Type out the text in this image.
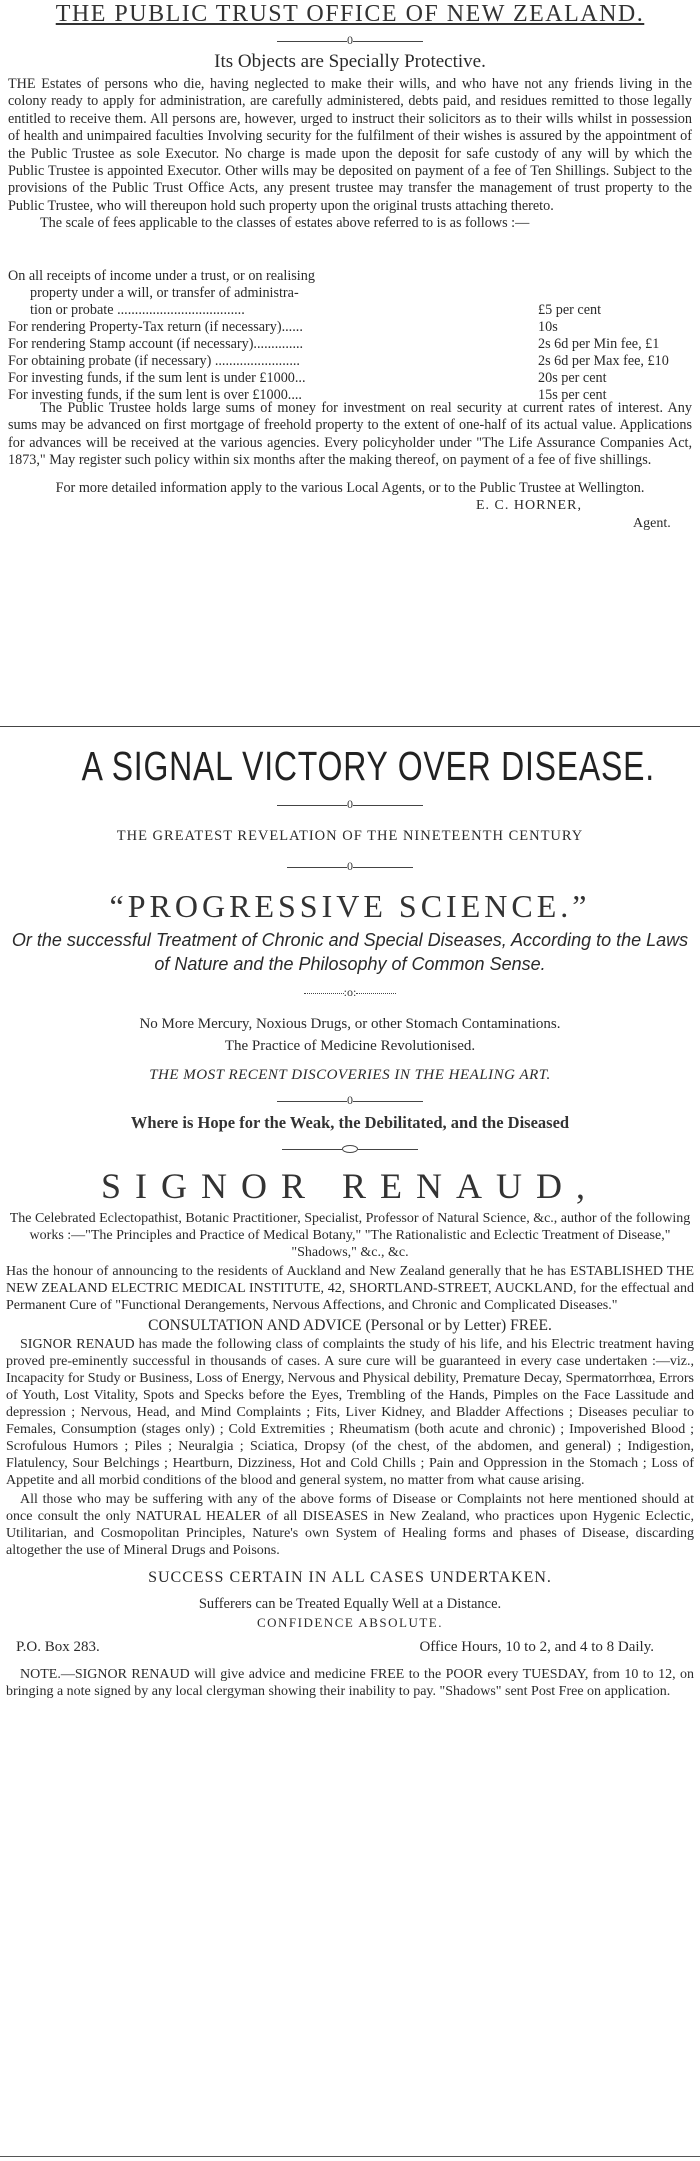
THE PUBLIC TRUST OFFICE OF NEW ZEALAND.
0
Its Objects are Specially Protective.

THE Estates of persons who die, having neglected to make their wills, and who have not any friends living in the colony ready to apply for administration, are carefully administered, debts paid, and residues remitted to those legally entitled to receive them. All persons are, however, urged to instruct their solicitors as to their wills whilst in possession of health and unimpaired faculties Involving security for the fulfilment of their wishes is assured by the appointment of the Public Trustee as sole Executor. No charge is made upon the deposit for safe custody of any will by which the Public Trustee is appointed Executor. Other wills may be deposited on payment of a fee of Ten Shillings. Subject to the provisions of the Public Trust Office Acts, any present trustee may transfer the management of trust property to the Public Trustee, who will thereupon hold such property upon the original trusts attaching thereto.

The scale of fees applicable to the classes of estates above referred to is as follows :—

On all receipts of income under a trust, or on realising	
property under a will, or transfer of administra-	
tion or probate ....................................	£5 per cent
For rendering Property-Tax return (if necessary)......	10s
For rendering Stamp account (if necessary)..............	2s 6d per Min fee, £1
For obtaining probate (if necessary) ........................	2s 6d per Max fee, £10
For investing funds, if the sum lent is under £1000...	20s per cent
For investing funds, if the sum lent is over £1000....	15s per cent

The Public Trustee holds large sums of money for investment on real security at current rates of interest. Any sums may be advanced on first mortgage of freehold property to the extent of one-half of its actual value. Applications for advances will be received at the various agencies. Every policyholder under "The Life Assurance Companies Act, 1873," May register such policy within six months after the making thereof, on payment of a fee of five shillings.

For more detailed information apply to the various Local Agents, or to the Public Trustee at Wellington.

E. C. HORNER,
Agent.
A SIGNAL VICTORY OVER DISEASE.
0
THE GREATEST REVELATION OF THE NINETEENTH CENTURY
0
“PROGRESSIVE SCIENCE.”
Or the successful Treatment of Chronic and Special Diseases, According to the Laws of Nature and the Philosophy of Common Sense.
:o:
No More Mercury, Noxious Drugs, or other Stomach Contaminations.
The Practice of Medicine Revolutionised.
THE MOST RECENT DISCOVERIES IN THE HEALING ART.
0
Where is Hope for the Weak, the Debilitated, and the Diseased
SIGNOR RENAUD,

The Celebrated Eclectopathist, Botanic Practitioner, Specialist, Professor of Natural Science, &c., author of the following works :—"The Principles and Practice of Medical Botany," "The Rationalistic and Eclectic Treatment of Disease," "Shadows," &c., &c.

Has the honour of announcing to the residents of Auckland and New Zealand generally that he has ESTABLISHED THE NEW ZEALAND ELECTRIC MEDICAL INSTITUTE, 42, SHORTLAND-STREET, AUCKLAND, for the effectual and Permanent Cure of "Functional Derangements, Nervous Affections, and Chronic and Complicated Diseases."

CONSULTATION AND ADVICE (Personal or by Letter) FREE.

SIGNOR RENAUD has made the following class of complaints the study of his life, and his Electric treatment having proved pre-eminently successful in thousands of cases. A sure cure will be guaranteed in every case undertaken :—viz., Incapacity for Study or Business, Loss of Energy, Nervous and Physical debility, Premature Decay, Spermatorrhœa, Errors of Youth, Lost Vitality, Spots and Specks before the Eyes, Trembling of the Hands, Pimples on the Face Lassitude and depression ; Nervous, Head, and Mind Complaints ; Fits, Liver Kidney, and Bladder Affections ; Diseases peculiar to Females, Consumption (stages only) ; Cold Extremities ; Rheumatism (both acute and chronic) ; Impoverished Blood ; Scrofulous Humors ; Piles ; Neuralgia ; Sciatica, Dropsy (of the chest, of the abdomen, and general) ; Indigestion, Flatulency, Sour Belchings ; Heartburn, Dizziness, Hot and Cold Chills ; Pain and Oppression in the Stomach ; Loss of Appetite and all morbid conditions of the blood and general system, no matter from what cause arising.

All those who may be suffering with any of the above forms of Disease or Complaints not here mentioned should at once consult the only NATURAL HEALER of all DISEASES in New Zealand, who practices upon Hygenic Eclectic, Utilitarian, and Cosmopolitan Principles, Nature's own System of Healing forms and phases of Disease, discarding altogether the use of Mineral Drugs and Poisons.

SUCCESS CERTAIN IN ALL CASES UNDERTAKEN.
Sufferers can be Treated Equally Well at a Distance.
CONFIDENCE ABSOLUTE.
P.O. Box 283.	Office Hours, 10 to 2, and 4 to 8 Daily.

NOTE.—SIGNOR RENAUD will give advice and medicine FREE to the POOR every TUESDAY, from 10 to 12, on bringing a note signed by any local clergyman showing their inability to pay. "Shadows" sent Post Free on application.
